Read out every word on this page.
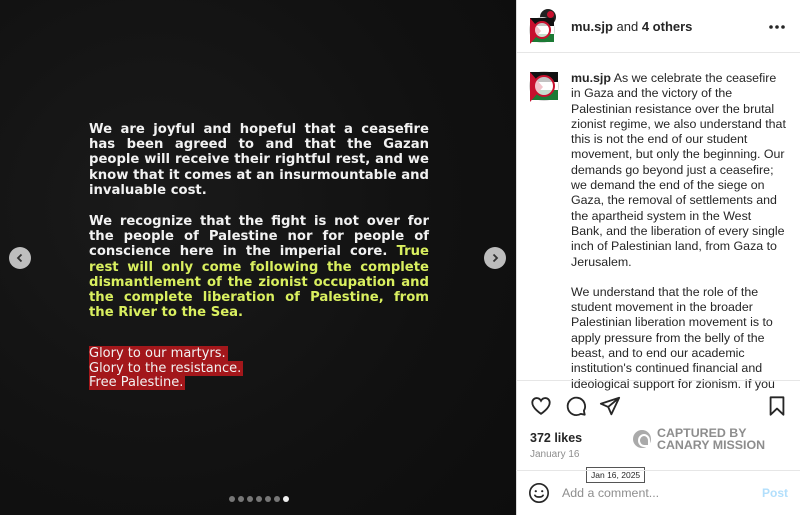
We are joyful and hopeful that a ceasefire has been agreed to and that the Gazan people will receive their rightful rest, and we know that it comes at an insurmountable and invaluable cost.

We recognize that the fight is not over for the people of Palestine nor for people of conscience here in the imperial core. True rest will only come following the complete dismantlement of the zionist occupation and the complete liberation of Palestine, from the River to the Sea.

Glory to our martyrs.
Glory to the resistance.
Free Palestine.
mu.sjp and 4 others

mu.sjp As we celebrate the ceasefire in Gaza and the victory of the Palestinian resistance over the brutal zionist regime, we also understand that this is not the end of our student movement, but only the beginning. Our demands go beyond just a ceasefire; we demand the end of the siege on Gaza, the removal of settlements and the apartheid system in the West Bank, and the liberation of every single inch of Palestinian land, from Gaza to Jerusalem.

We understand that the role of the student movement in the broader Palestinian liberation movement is to apply pressure from the belly of the beast, and to end our academic institution's continued financial and ideological support for zionism. If you

372 likes
January 16
CAPTURED BY
CANARY MISSION
Jan 16, 2025
Add a comment...
Post
